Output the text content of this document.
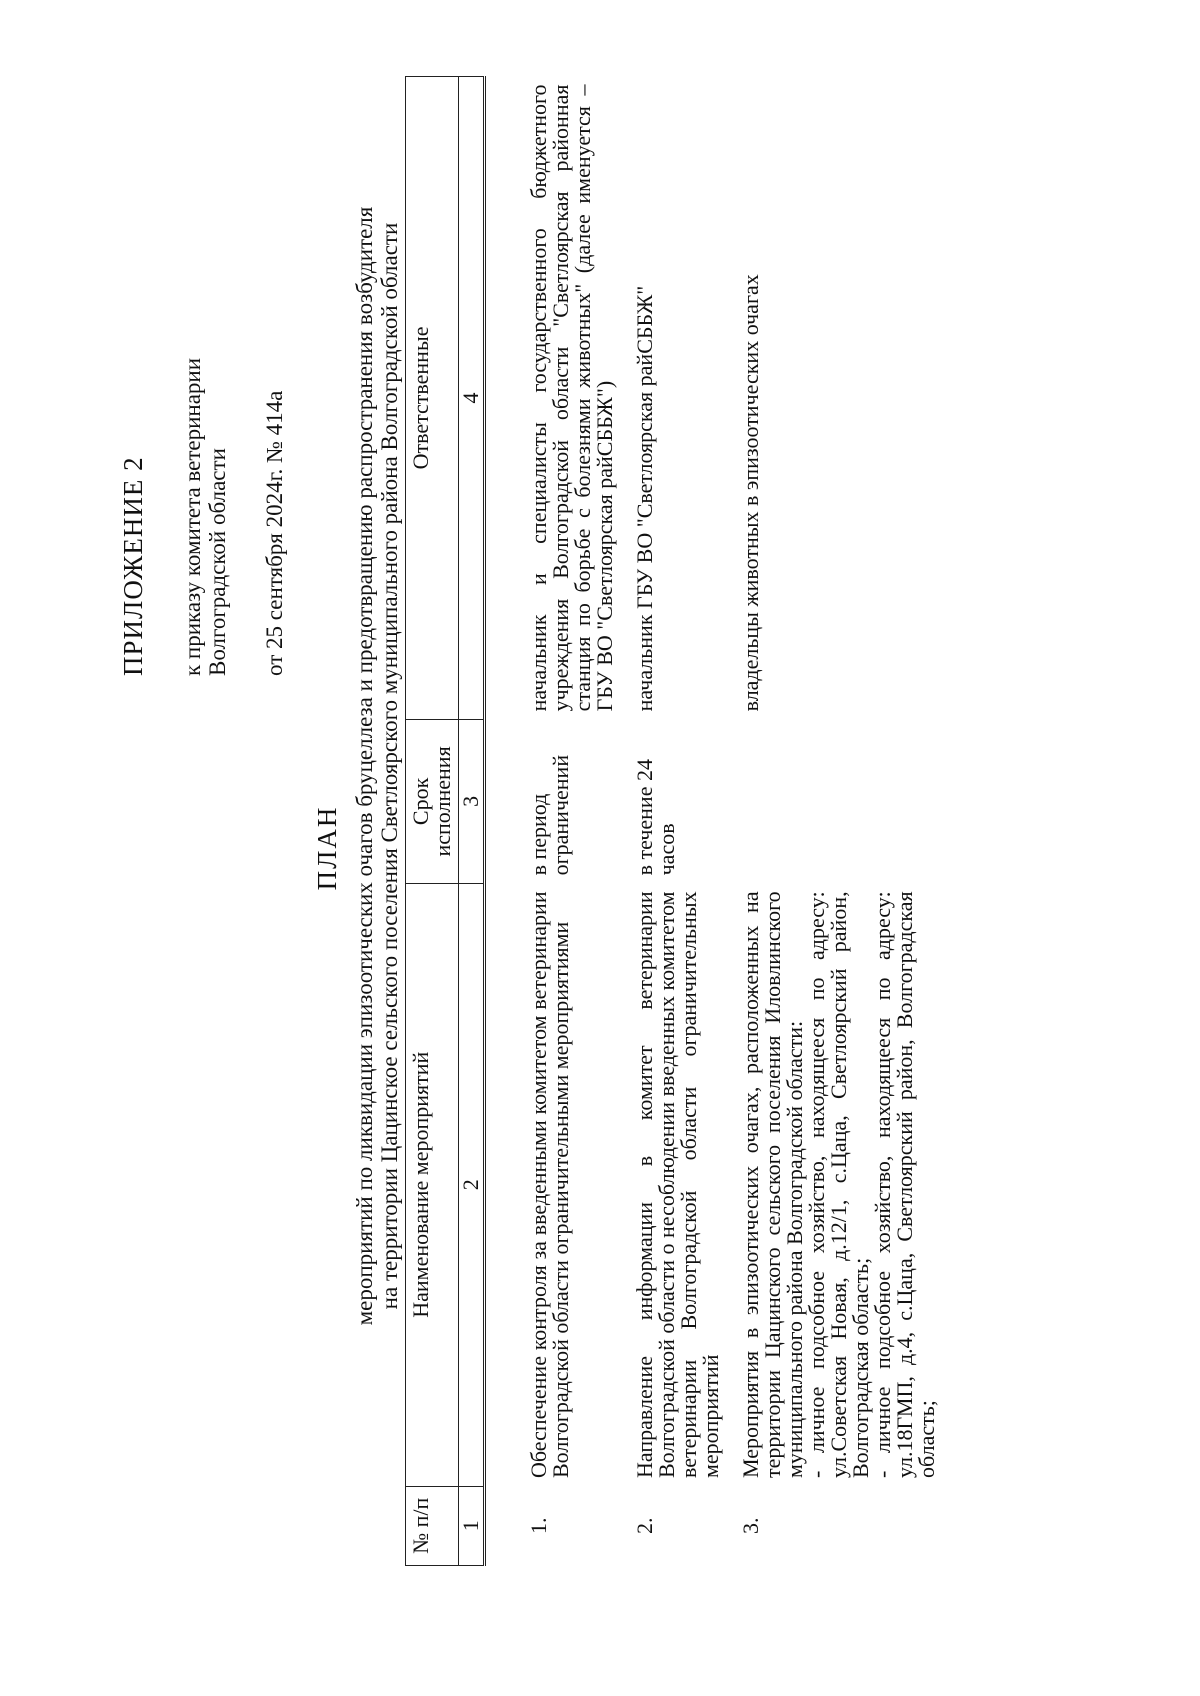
ПРИЛОЖЕНИЕ 2 к приказу комитета ветеринарии Волгоградской области от 25 сентября 2024г. № 414а
ПЛАН мероприятий по ликвидации эпизоотических очагов бруцеллеза и предотвращению распространения возбудителя на территории Цацинское сельского поселения Светлоярского муниципального района Волгоградской области
№ п/п	Наименование мероприятий	Срок исполнения	Ответственные
1	2	3	4
1.	Обеспечение контроля за введенными комитетом ветеринарии Волгоградской области ограничительными мероприятиями	в период ограничений	начальник и специалисты государственного бюджетного учреждения Волгоградской области "Светлоярская районная станция по борьбе с болезнями животных" (далее именуется – ГБУ ВО "Светлоярская райСББЖ")
2.	Направление информации в комитет ветеринарии Волгоградской области о несоблюдении введенных комитетом ветеринарии Волгоградской области ограничительных мероприятий	в течение 24 часов	начальник ГБУ ВО "Светлоярская райСББЖ"
3.	Мероприятия в эпизоотических очагах, расположенных на территории Цацинского сельского поселения Иловлинского муниципального района Волгоградской области:
- личное подсобное хозяйство, находящееся по адресу: ул.Советская Новая, д.12/1, с.Цаца, Светлоярский район, Волгоградская область;
- личное подсобное хозяйство, находящееся по адресу: ул.18ГМП, д.4, с.Цаца, Светлоярский район, Волгоградская область;		владельцы животных в эпизоотических очагах
